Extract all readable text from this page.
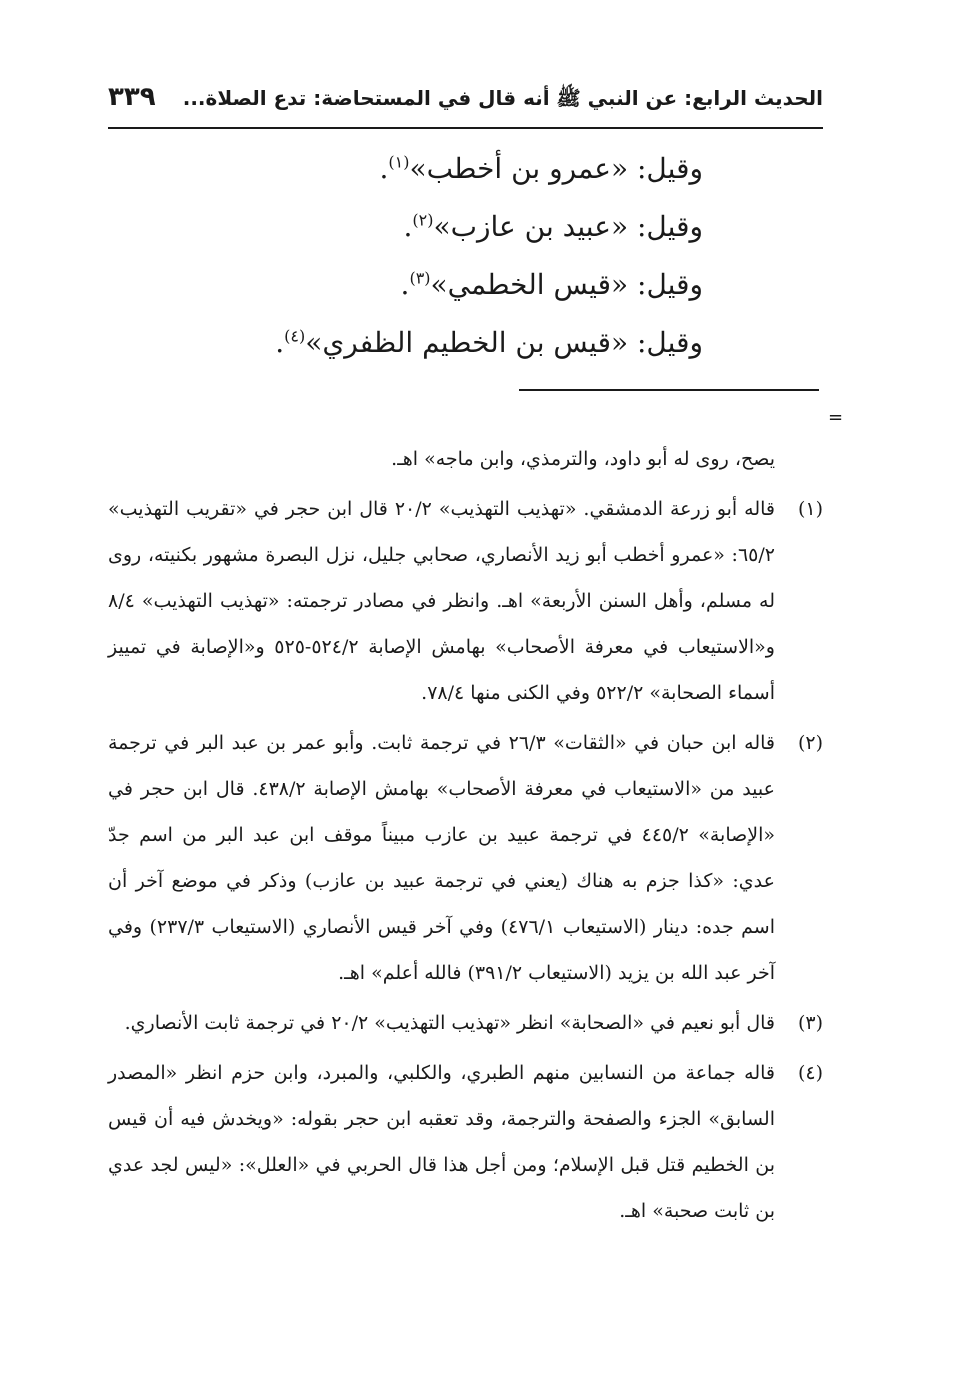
الحديث الرابع: عن النبي ﷺ أنه قال في المستحاضة: تدع الصلاة...
٣٣٩
وقيل: «عمرو بن أخطب»$^{(١)}$.
وقيل: «عبيد بن عازب»$^{(٢)}$.
وقيل: «قيس الخطمي»$^{(٣)}$.
وقيل: «قيس بن الخطيم الظفري»$^{(٤)}$.
=
يصح، روى له أبو داود، والترمذي، وابن ماجه» اهـ.
(١)
قاله أبو زرعة الدمشقي. «تهذيب التهذيب» ٢٠/٢ قال ابن حجر في «تقريب التهذيب» ٦٥/٢: «عمرو أخطب أبو زيد الأنصاري، صحابي جليل، نزل البصرة مشهور بكنيته، روى له مسلم، وأهل السنن الأربعة» اهـ. وانظر في مصادر ترجمته: «تهذيب التهذيب» ٨/٤ و«الاستيعاب في معرفة الأصحاب» بهامش الإصابة ٥٢٤/٢-٥٢٥ و«الإصابة في تمييز أسماء الصحابة» ٥٢٢/٢ وفي الكنى منها ٧٨/٤.
(٢)
قاله ابن حبان في «الثقات» ٢٦/٣ في ترجمة ثابت. وأبو عمر بن عبد البر في ترجمة عبيد من «الاستيعاب في معرفة الأصحاب» بهامش الإصابة ٤٣٨/٢. قال ابن حجر في «الإصابة» ٤٤٥/٢ في ترجمة عبيد بن عازب مبيناً موقف ابن عبد البر من اسم جدّ عدي: «كذا جزم به هناك (يعني في ترجمة عبيد بن عازب) وذكر في موضع آخر أن اسم جده: دينار (الاستيعاب ٤٧٦/١) وفي آخر قيس الأنصاري (الاستيعاب ٢٣٧/٣) وفي آخر عبد الله بن يزيد (الاستيعاب ٣٩١/٢) فالله أعلم» اهـ.
(٣)
قال أبو نعيم في «الصحابة» انظر «تهذيب التهذيب» ٢٠/٢ في ترجمة ثابت الأنصاري.
(٤)
قاله جماعة من النسابين منهم الطبري، والكلبي، والمبرد، وابن حزم انظر «المصدر السابق» الجزء والصفحة والترجمة، وقد تعقبه ابن حجر بقوله: «ويخدش فيه أن قيس بن الخطيم قتل قبل الإسلام؛ ومن أجل هذا قال الحربي في «العلل»: «ليس لجد عدي بن ثابت صحبة» اهـ.
